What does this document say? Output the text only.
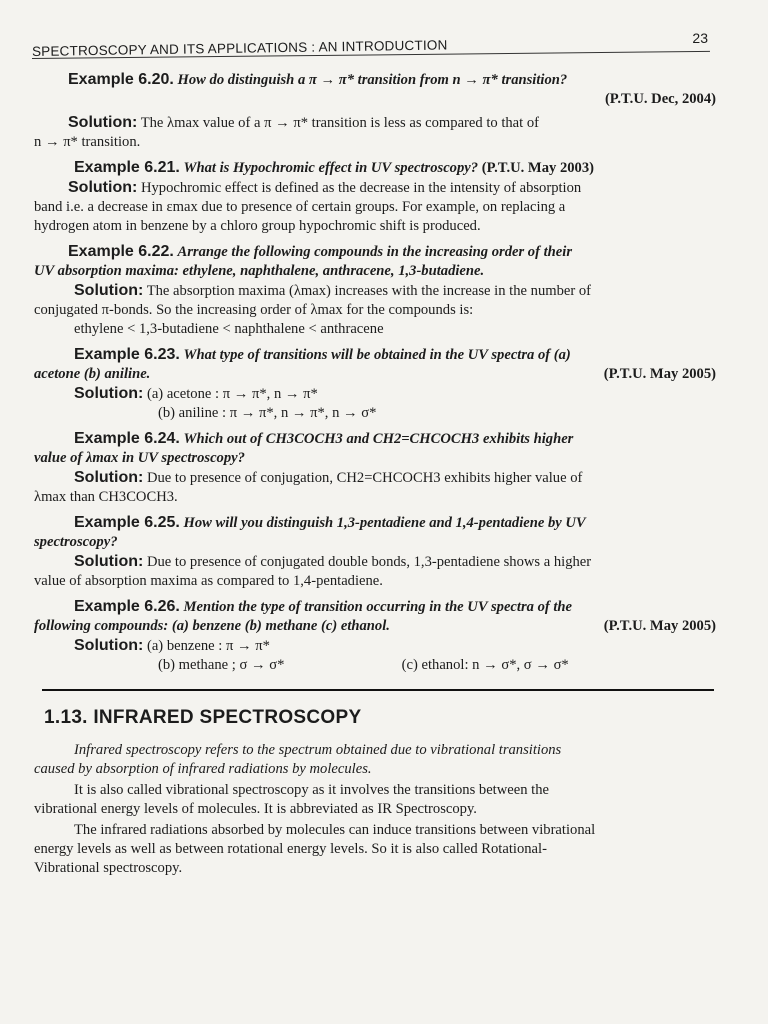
SPECTROSCOPY AND ITS APPLICATIONS : AN INTRODUCTION	23
Example 6.20. How do distinguish a π → π* transition from n → π* transition?
(P.T.U. Dec, 2004)
Solution: The λmax value of a π → π* transition is less as compared to that of
n → π* transition.
Example 6.21. What is Hypochromic effect in UV spectroscopy? (P.T.U. May 2003)
Solution: Hypochromic effect is defined as the decrease in the intensity of absorption
band i.e. a decrease in εmax due to presence of certain groups. For example, on replacing a
hydrogen atom in benzene by a chloro group hypochromic shift is produced.
Example 6.22. Arrange the following compounds in the increasing order of their
UV absorption maxima: ethylene, naphthalene, anthracene, 1,3-butadiene.
Solution: The absorption maxima (λmax) increases with the increase in the number of
conjugated π-bonds. So the increasing order of λmax for the compounds is:
ethylene < 1,3-butadiene < naphthalene < anthracene
Example 6.23. What type of transitions will be obtained in the UV spectra of (a)
acetone (b) aniline.	(P.T.U. May 2005)
Solution: (a) acetone : π → π*, n → π*
(b) aniline : π → π*, n → π*, n → σ*
Example 6.24. Which out of CH3COCH3 and CH2=CHCOCH3 exhibits higher
value of λmax in UV spectroscopy?
Solution: Due to presence of conjugation, CH2=CHCOCH3 exhibits higher value of
λmax than CH3COCH3.
Example 6.25. How will you distinguish 1,3-pentadiene and 1,4-pentadiene by UV
spectroscopy?
Solution: Due to presence of conjugated double bonds, 1,3-pentadiene shows a higher
value of absorption maxima as compared to 1,4-pentadiene.
Example 6.26. Mention the type of transition occurring in the UV spectra of the
following compounds: (a) benzene (b) methane (c) ethanol.	(P.T.U. May 2005)
Solution: (a) benzene : π → π*
(b) methane ; σ → σ*	(c) ethanol: n → σ*, σ → σ*
1.13. INFRARED SPECTROSCOPY
Infrared spectroscopy refers to the spectrum obtained due to vibrational transitions
caused by absorption of infrared radiations by molecules.
It is also called vibrational spectroscopy as it involves the transitions between the
vibrational energy levels of molecules. It is abbreviated as IR Spectroscopy.
The infrared radiations absorbed by molecules can induce transitions between vibrational
energy levels as well as between rotational energy levels. So it is also called Rotational-
Vibrational spectroscopy.
